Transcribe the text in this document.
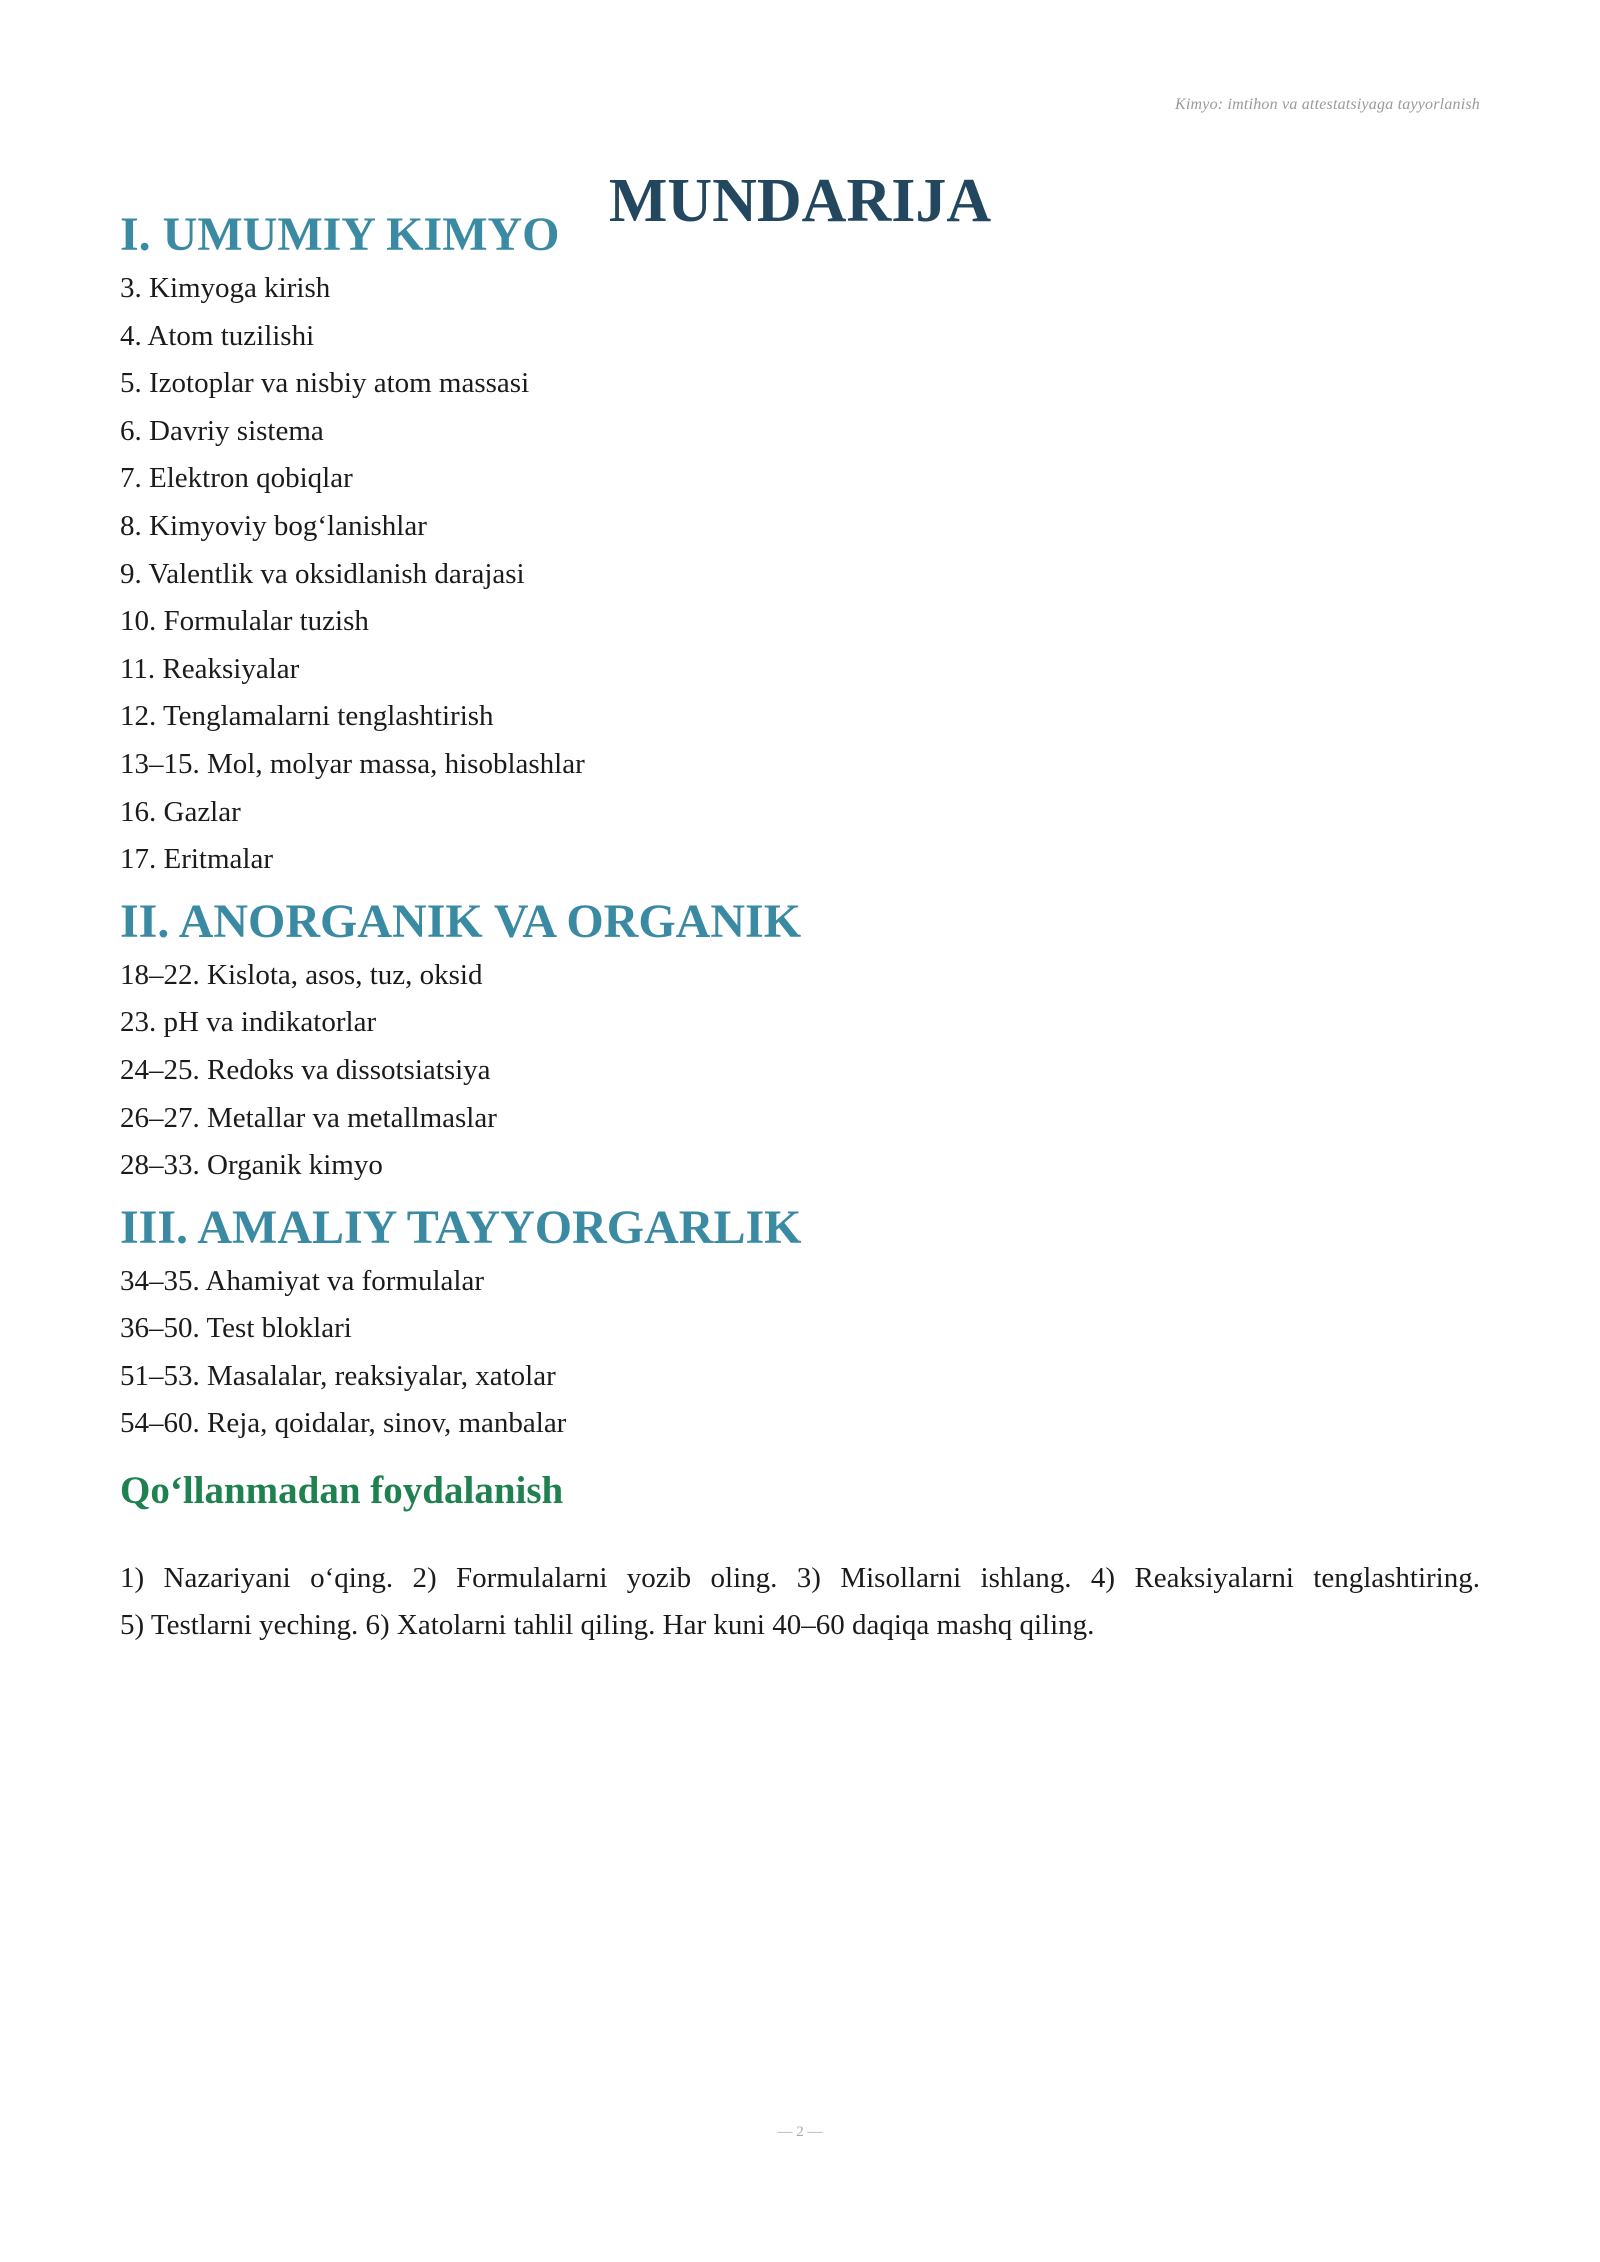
Kimyo: imtihon va attestatsiyaga tayyorlanish
MUNDARIJA
I. UMUMIY KIMYO
3. Kimyoga kirish
4. Atom tuzilishi
5. Izotoplar va nisbiy atom massasi
6. Davriy sistema
7. Elektron qobiqlar
8. Kimyoviy bog‘lanishlar
9. Valentlik va oksidlanish darajasi
10. Formulalar tuzish
11. Reaksiyalar
12. Tenglamalarni tenglashtirish
13–15. Mol, molyar massa, hisoblashlar
16. Gazlar
17. Eritmalar
II. ANORGANIK VA ORGANIK
18–22. Kislota, asos, tuz, oksid
23. pH va indikatorlar
24–25. Redoks va dissotsiatsiya
26–27. Metallar va metallmaslar
28–33. Organik kimyo
III. AMALIY TAYYORGARLIK
34–35. Ahamiyat va formulalar
36–50. Test bloklari
51–53. Masalalar, reaksiyalar, xatolar
54–60. Reja, qoidalar, sinov, manbalar
Qo‘llanmadan foydalanish

1) Nazariyani o‘qing. 2) Formulalarni yozib oling. 3) Misollarni ishlang. 4) Reaksiyalarni tenglashtiring.

5) Testlarni yeching. 6) Xatolarni tahlil qiling. Har kuni 40–60 daqiqa mashq qiling.

— 2 —
